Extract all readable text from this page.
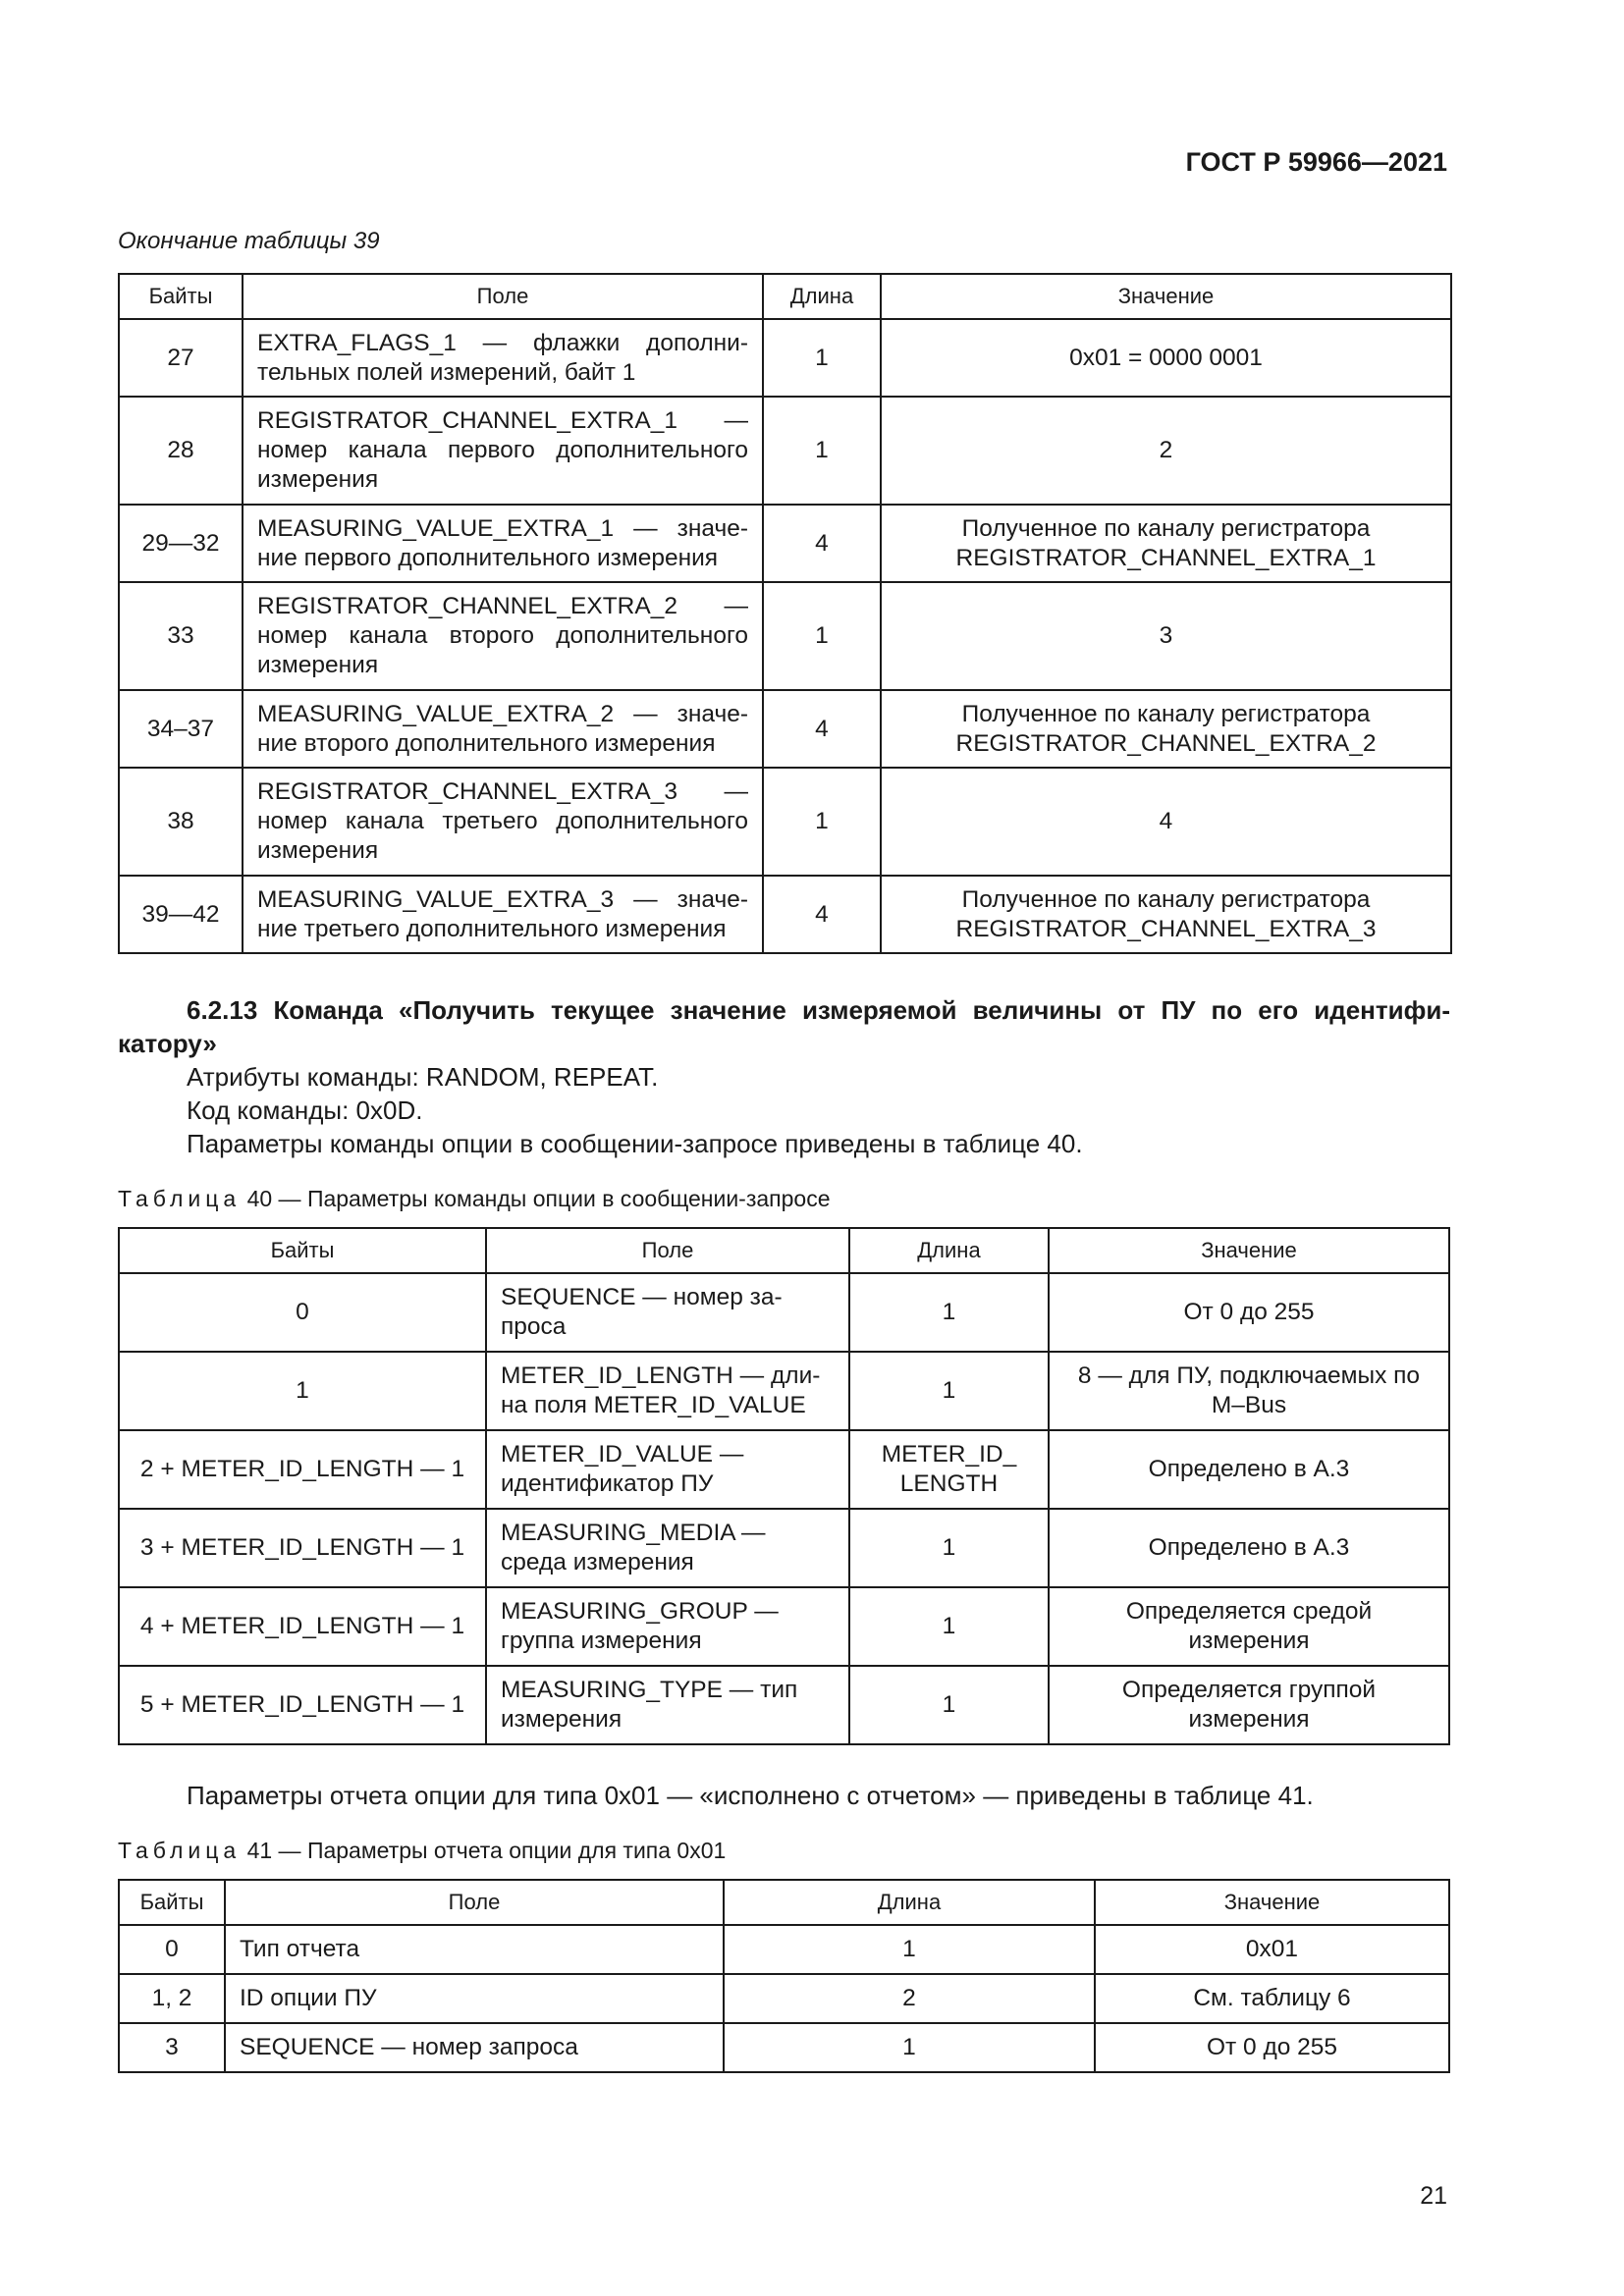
ГОСТ Р 59966—2021
Окончание таблицы 39
Байты	Поле	Длина	Значение
27	EXTRA_FLAGS_1 — флажки дополни-тельных полей измерений, байт 1	1	0x01 = 0000 0001
28	REGISTRATOR_CHANNEL_EXTRA_1 — номер канала первого дополнительного измерения	1	2
29—32	MEASURING_VALUE_EXTRA_1 — значе-ние первого дополнительного измерения	4	Полученное по каналу регистратора REGISTRATOR_CHANNEL_EXTRA_1
33	REGISTRATOR_CHANNEL_EXTRA_2 — номер канала второго дополнительного измерения	1	3
34–37	MEASURING_VALUE_EXTRA_2 — значе-ние второго дополнительного измерения	4	Полученное по каналу регистратора REGISTRATOR_CHANNEL_EXTRA_2
38	REGISTRATOR_CHANNEL_EXTRA_3 — номер канала третьего дополнительного измерения	1	4
39—42	MEASURING_VALUE_EXTRA_3 — значе-ние третьего дополнительного измерения	4	Полученное по каналу регистратора REGISTRATOR_CHANNEL_EXTRA_3
6.2.13 Команда «Получить текущее значение измеряемой величины от ПУ по его идентифи-катору»
Атрибуты команды: RANDOM, REPEAT.
Код команды: 0x0D.
Параметры команды опции в сообщении-запросе приведены в таблице 40.
Таблица 40 — Параметры команды опции в сообщении-запросе
Байты	Поле	Длина	Значение
0	SEQUENCE — номер за-проса	1	От 0 до 255
1	METER_ID_LENGTH — дли-на поля METER_ID_VALUE	1	8 — для ПУ, подключаемых по M–Bus
2 + METER_ID_LENGTH — 1	METER_ID_VALUE — идентификатор ПУ	METER_ID_ LENGTH	Определено в А.3
3 + METER_ID_LENGTH — 1	MEASURING_MEDIA — среда измерения	1	Определено в А.3
4 + METER_ID_LENGTH — 1	MEASURING_GROUP — группа измерения	1	Определяется средой измерения
5 + METER_ID_LENGTH — 1	MEASURING_TYPE — тип измерения	1	Определяется группой измерения
Параметры отчета опции для типа 0x01 — «исполнено с отчетом» — приведены в таблице 41.
Таблица 41 — Параметры отчета опции для типа 0x01
Байты	Поле	Длина	Значение
0	Тип отчета	1	0x01
1, 2	ID опции ПУ	2	См. таблицу 6
3	SEQUENCE — номер запроса	1	От 0 до 255
21
